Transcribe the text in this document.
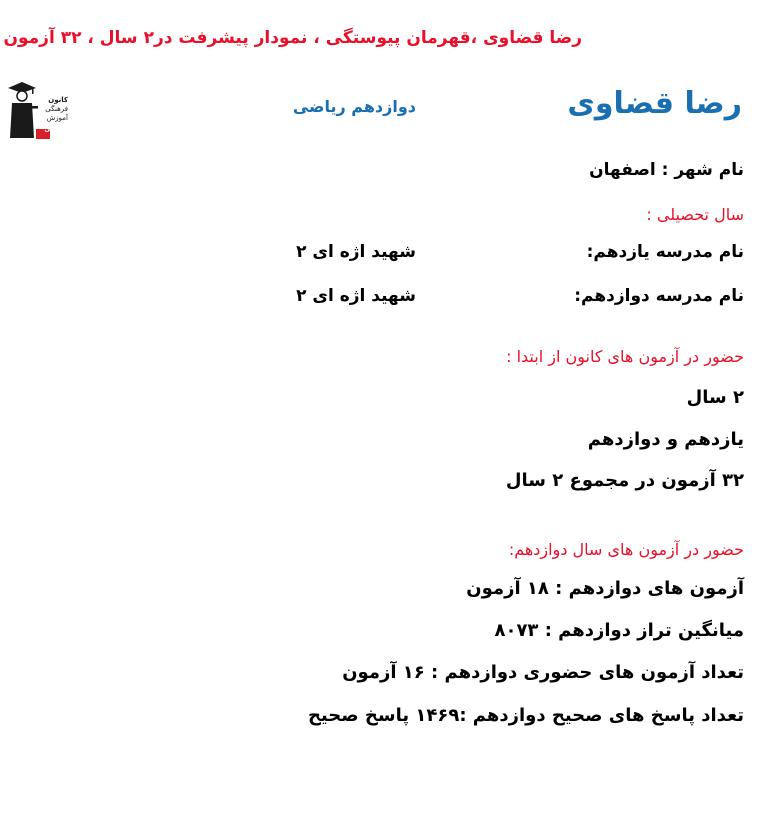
رضا قضاوی ،قهرمان پیوستگی ، نمودار پیشرفت در۲ سال ، ۳۲ آزمون
رضا قضاوی
دوازدهم ریاضی
کانون
فرهنگی
آموزش
قلم چی
نام شهر : اصفهان
سال تحصیلی :
نام مدرسه یازدهم:
شهید اژه ای ۲
نام مدرسه دوازدهم:
شهید اژه ای ۲
حضور در آزمون های کانون از ابتدا :
۲ سال
یازدهم و دوازدهم
۳۲ آزمون در مجموع ۲ سال
حضور در آزمون های سال دوازدهم:
آزمون های دوازدهم : ۱۸ آزمون
میانگین تراز دوازدهم : ۸۰۷۳
تعداد آزمون های حضوری دوازدهم : ۱۶ آزمون
تعداد پاسخ های صحیح دوازدهم :۱۴۶۹ پاسخ صحیح
